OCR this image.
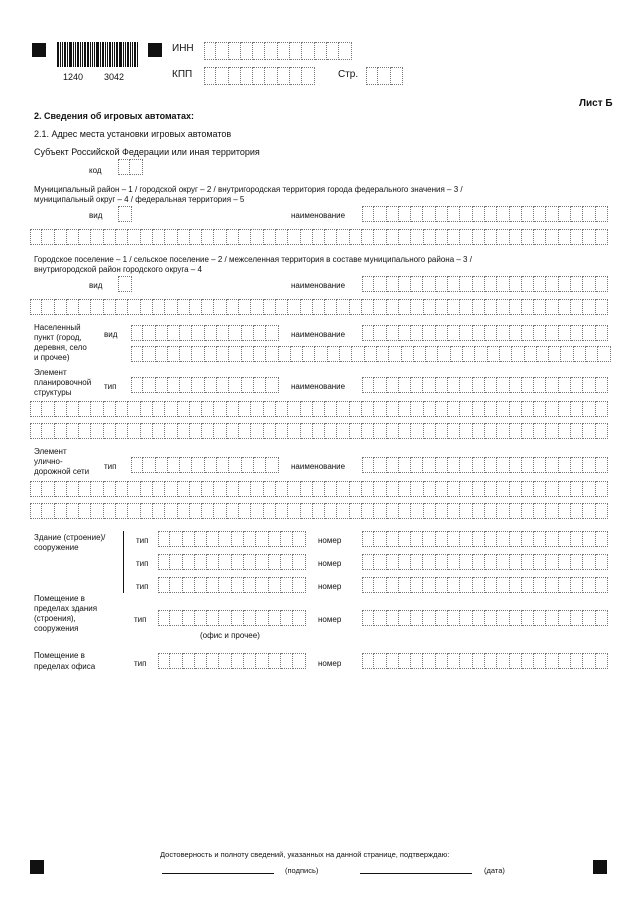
1240 3042
ИНН
КПП	Стр.
Лист Б
2. Сведения об игровых автоматах:
2.1. Адрес места установки игровых автоматов
Субъект Российской Федерации или иная территория
код
Муниципальный район – 1 / городской округ – 2 / внутригородская территория города федерального значения – 3 /
муниципальный округ – 4 / федеральная территория – 5
вид	наименование
Городское поселение – 1 / сельское поселение – 2 / межселенная территория в составе муниципального района – 3 /
внутригородской район городского округа – 4
вид	наименование
Населенный
пункт (город,
деревня, село
и прочее)
вид	наименование
Элемент
планировочной
структуры
тип	наименование
Элемент
улично-
дорожной сети
тип	наименование
Здание (строение)/
сооружение
тип	номер
тип	номер
тип	номер
Помещение в
пределах здания
(строения),
сооружения
тип	номер
(офис и прочее)
Помещение в
пределах офиса	тип	номер
Достоверность и полноту сведений, указанных на данной странице, подтверждаю:
(подпись)	(дата)
